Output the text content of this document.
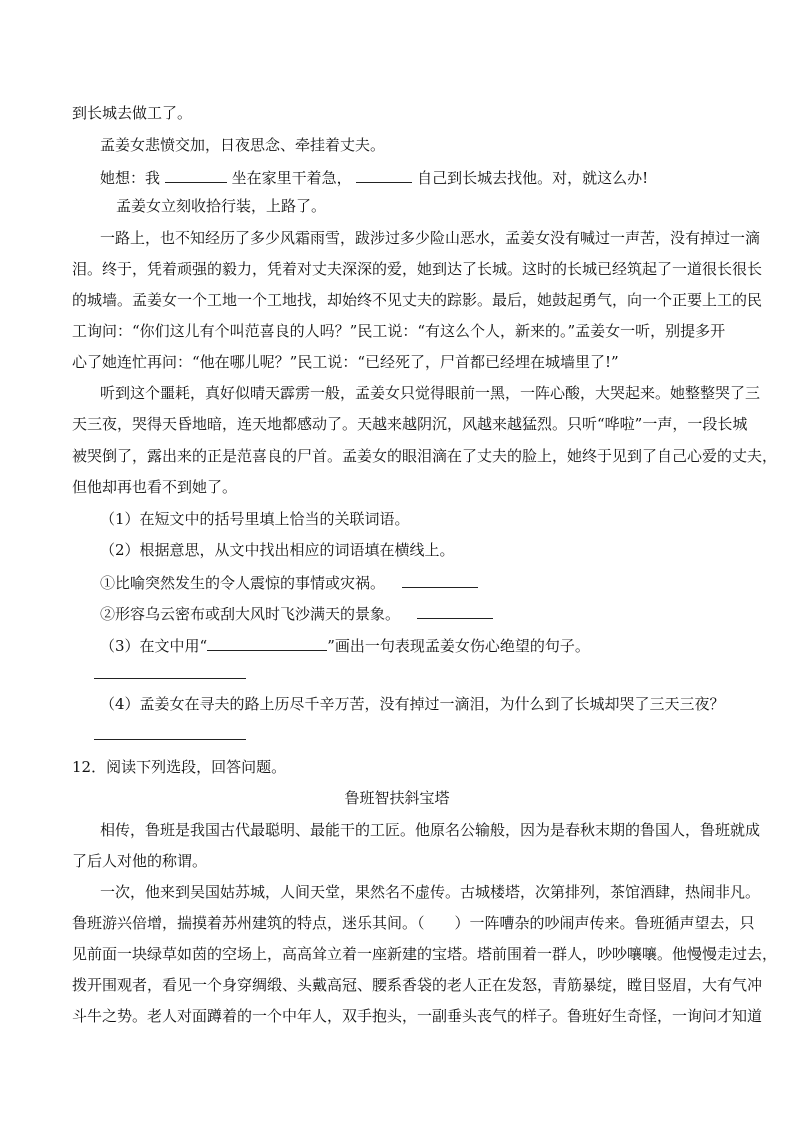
到长城去做工了。
孟姜女悲愤交加，日夜思念、牵挂着丈夫。
她想：我	坐在家里干着急，	自己到长城去找他。对，就这么办!
孟姜女立刻收拾行装，上路了。
一路上，也不知经历了多少风霜雨雪，跋涉过多少险山恶水，孟姜女没有喊过一声苦，没有掉过一滴
泪。终于，凭着顽强的毅力，凭着对丈夫深深的爱，她到达了长城。这时的长城已经筑起了一道很长很长
的城墙。孟姜女一个工地一个工地找，却始终不见丈夫的踪影。最后，她鼓起勇气，向一个正要上工的民
工询问：“你们这儿有个叫范喜良的人吗？”民工说：“有这么个人，新来的。”孟姜女一听，别提多开
心了她连忙再问：“他在哪儿呢？”民工说：“已经死了，尸首都已经埋在城墙里了!”
听到这个噩耗，真好似晴天霹雳一般，孟姜女只觉得眼前一黑，一阵心酸，大哭起来。她整整哭了三
天三夜，哭得天昏地暗，连天地都感动了。天越来越阴沉，风越来越猛烈。只听“哗啦”一声，一段长城
被哭倒了，露出来的正是范喜良的尸首。孟姜女的眼泪滴在了丈夫的脸上，她终于见到了自己心爱的丈夫，
但他却再也看不到她了。
（1）在短文中的括号里填上恰当的关联词语。
（2）根据意思，从文中找出相应的词语填在横线上。
①比喻突然发生的令人震惊的事情或灾祸。
②形容乌云密布或刮大风时飞沙满天的景象。
（3）在文中用“	”画出一句表现孟姜女伤心绝望的句子。
（4）孟姜女在寻夫的路上历尽千辛万苦，没有掉过一滴泪，为什么到了长城却哭了三天三夜？
12．阅读下列选段，回答问题。
鲁班智扶斜宝塔
相传，鲁班是我国古代最聪明、最能干的工匠。他原名公输般，因为是春秋末期的鲁国人，鲁班就成
了后人对他的称谓。
一次，他来到吴国姑苏城，人间天堂，果然名不虚传。古城楼塔，次第排列，茶馆酒肆，热闹非凡。
鲁班游兴倍增，揣摸着苏州建筑的特点，迷乐其间。（　　）一阵嘈杂的吵闹声传来。鲁班循声望去，只
见前面一块绿草如茵的空场上，高高耸立着一座新建的宝塔。塔前围着一群人，吵吵嚷嚷。他慢慢走过去，
拨开围观者，看见一个身穿绸缎、头戴高冠、腰系香袋的老人正在发怒，青筋暴绽，瞠目竖眉，大有气冲
斗牛之势。老人对面蹲着的一个中年人，双手抱头，一副垂头丧气的样子。鲁班好生奇怪，一询问才知道
